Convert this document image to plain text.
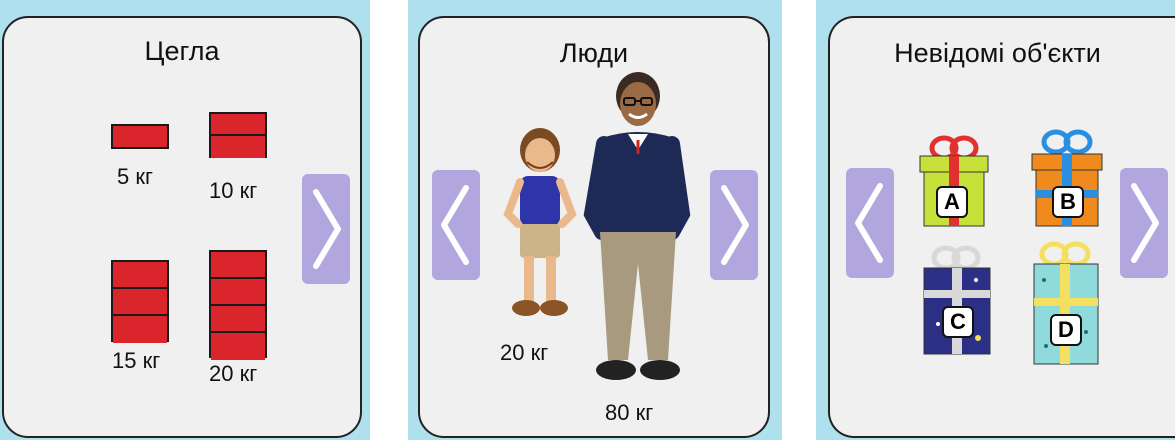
Цегла
5 кг
10 кг
15 кг
20 кг
Люди
20 кг
80 кг
Невідомі об'єкти
A	B
C	D
